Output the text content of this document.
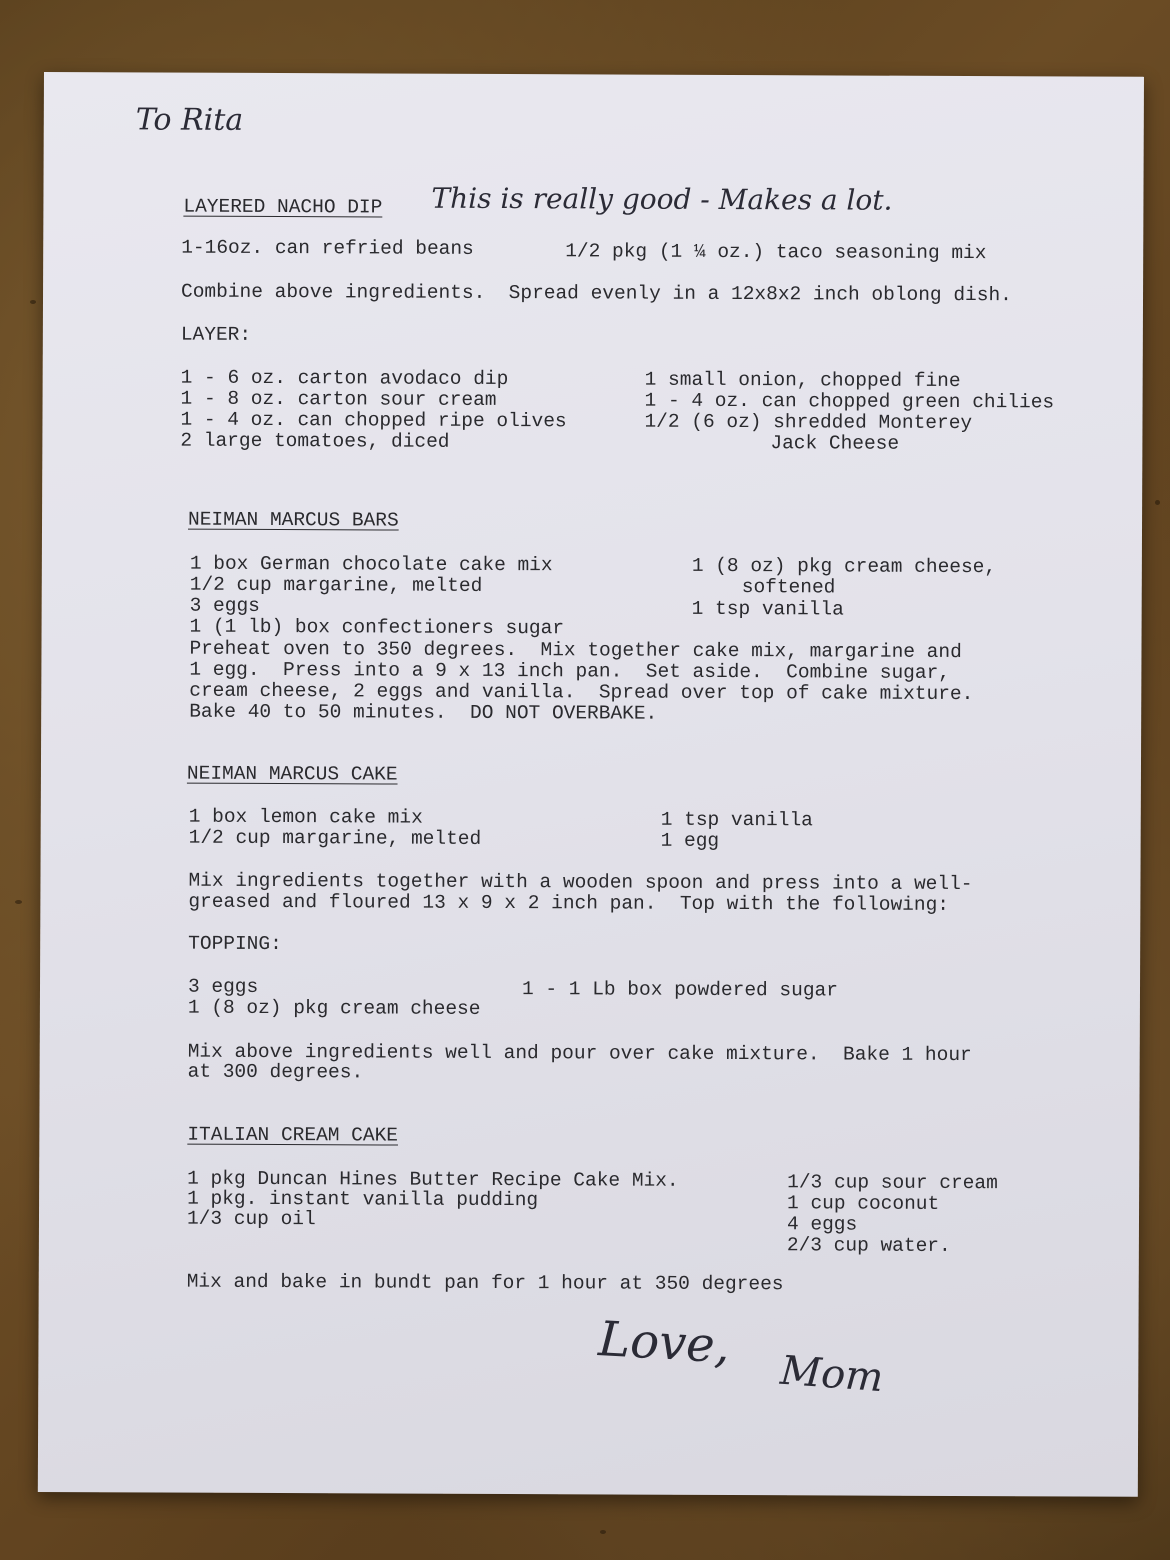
To Rita
LAYERED NACHO DIP This is really good - Makes a lot.
1-16oz. can refried beans	1/2 pkg (1 ¼ oz.) taco seasoning mix
Combine above ingredients.  Spread evenly in a 12x8x2 inch oblong dish.
LAYER:
1 - 6 oz. carton avodaco dip
1 - 8 oz. carton sour cream
1 - 4 oz. can chopped ripe olives
2 large tomatoes, diced
1 small onion, chopped fine
1 - 4 oz. can chopped green chilies
1/2 (6 oz) shredded Monterey
Jack Cheese
NEIMAN MARCUS BARS
1 box German chocolate cake mix
1/2 cup margarine, melted
3 eggs
1 (1 lb) box confectioners sugar
1 (8 oz) pkg cream cheese,
softened
1 tsp vanilla
Preheat oven to 350 degrees.  Mix together cake mix, margarine and
1 egg.  Press into a 9 x 13 inch pan.  Set aside.  Combine sugar,
cream cheese, 2 eggs and vanilla.  Spread over top of cake mixture.
Bake 40 to 50 minutes.  DO NOT OVERBAKE.
NEIMAN MARCUS CAKE
1 box lemon cake mix
1/2 cup margarine, melted
1 tsp vanilla
1 egg
Mix ingredients together with a wooden spoon and press into a well-
greased and floured 13 x 9 x 2 inch pan.  Top with the following:
TOPPING:
3 eggs
1 (8 oz) pkg cream cheese
1 - 1 Lb box powdered sugar
Mix above ingredients well and pour over cake mixture.  Bake 1 hour
at 300 degrees.
ITALIAN CREAM CAKE
1 pkg Duncan Hines Butter Recipe Cake Mix.
1 pkg. instant vanilla pudding
1/3 cup oil
1/3 cup sour cream
1 cup coconut
4 eggs
2/3 cup water.
Mix and bake in bundt pan for 1 hour at 350 degrees
Love,
Mom
